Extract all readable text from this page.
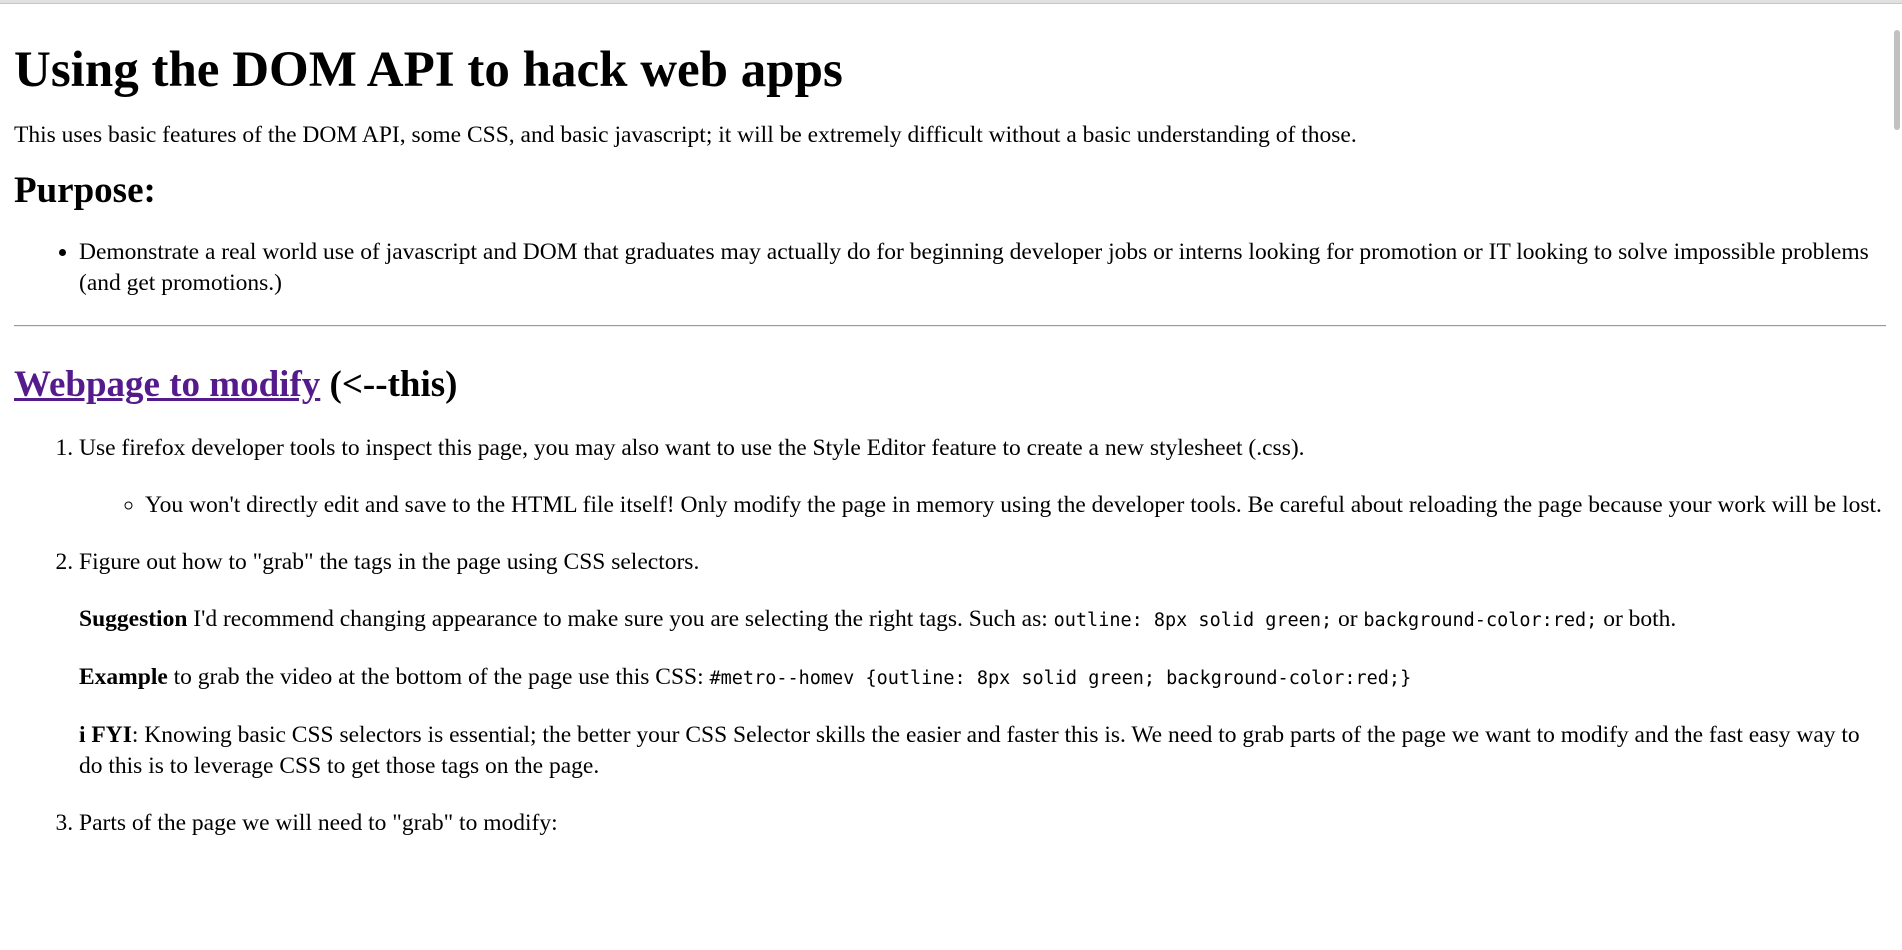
Using the DOM API to hack web apps

This uses basic features of the DOM API, some CSS, and basic javascript; it will be extremely difficult without a basic understanding of those.

Purpose:
• Demonstrate a real world use of javascript and DOM that graduates may actually do for beginning developer jobs or interns looking for promotion or IT looking to solve impossible problems (and get promotions.)
Webpage to modify (<--this)
1. Use firefox developer tools to inspect this page, you may also want to use the Style Editor feature to create a new stylesheet (.css).
◦ You won't directly edit and save to the HTML file itself! Only modify the page in memory using the developer tools. Be careful about reloading the page because your work will be lost.
2. Figure out how to "grab" the tags in the page using CSS selectors.

Suggestion I'd recommend changing appearance to make sure you are selecting the right tags. Such as: outline: 8px solid green; or background-color:red; or both.

Example to grab the video at the bottom of the page use this CSS: #metro--homev {outline: 8px solid green; background-color:red;}

i FYI: Knowing basic CSS selectors is essential; the better your CSS Selector skills the easier and faster this is. We need to grab parts of the page we want to modify and the fast easy way to do this is to leverage CSS to get those tags on the page.

3. Parts of the page we will need to "grab" to modify:
